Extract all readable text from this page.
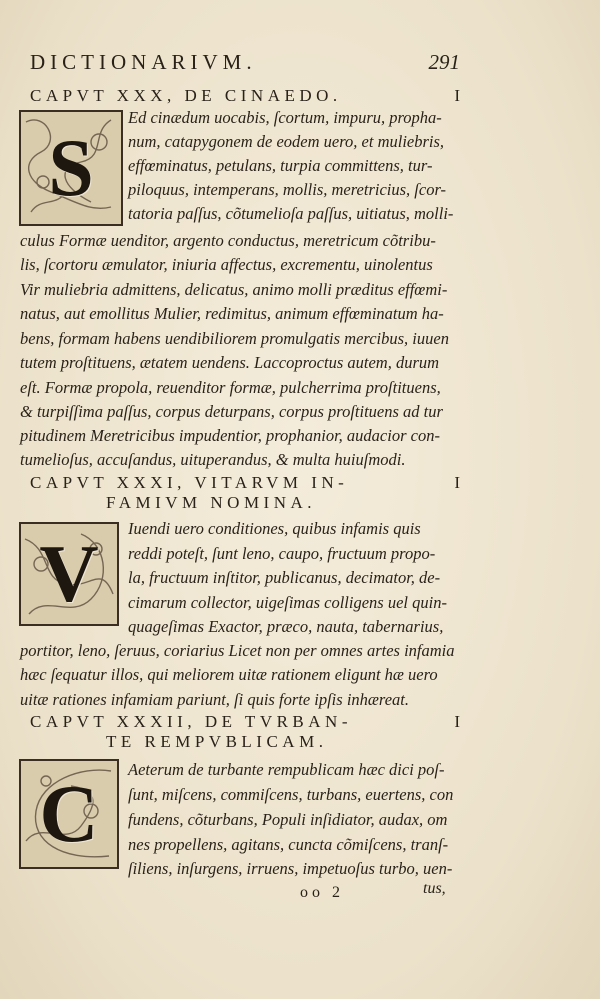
DICTIONARIVM.	291
CAPVT XXX, DE CINAEDO.	I
S
Ed cinædum uocabis, ſcortum, impuru, propha-
num, catapygonem de eodem uero, et muliebris,
effœminatus, petulans, turpia committens, tur-
piloquus, intemperans, mollis, meretricius, ſcor-
tatoria paſſus, cõtumelioſa paſſus, uitiatus, molli-
culus Formæ uenditor, argento conductus, meretricum cõtribu-
lis, ſcortoru æmulator, iniuria affectus, excrementu, uinolentus
Vir muliebria admittens, delicatus, animo molli præditus effœmi-
natus, aut emollitus Mulier, redimitus, animum effœminatum ha-
bens, formam habens uendibiliorem promulgatis mercibus, iuuen
tutem proſtituens, ætatem uendens. Laccoproctus autem, durum
eſt. Formæ propola, reuenditor formæ, pulcherrima proſtituens,
& turpiſſima paſſus, corpus deturpans, corpus proſtituens ad tur
pitudinem Meretricibus impudentior, prophanior, audacior con-
tumelioſus, accuſandus, uituperandus, & multa huiuſmodi.
CAPVT XXXI, VITARVM IN-	I
FAMIVM NOMINA.
V	Iuendi uero conditiones, quibus infamis quis
reddi poteſt, ſunt leno, caupo, fructuum propo-
la, fructuum inſtitor, publicanus, decimator, de-
cimarum collector, uigeſimas colligens uel quin-
quageſimas Exactor, præco, nauta, tabernarius,
portitor, leno, ſeruus, coriarius Licet non per omnes artes infamia
hæc ſequatur illos, qui meliorem uitæ rationem eligunt hæ uero
uitæ rationes infamiam pariunt, ſi quis forte ipſis inhæreat.
CAPVT XXXII, DE TVRBAN-	I
TE REMPVBLICAM.
C	Aeterum de turbante rempublicam hæc dici poſ-
ſunt, miſcens, commiſcens, turbans, euertens, con
fundens, cõturbans, Populi inſidiator, audax, om
nes propellens, agitans, cuncta cõmiſcens, tranſ-
ſiliens, inſurgens, irruens, impetuoſus turbo, uen-
oo 2	tus,
